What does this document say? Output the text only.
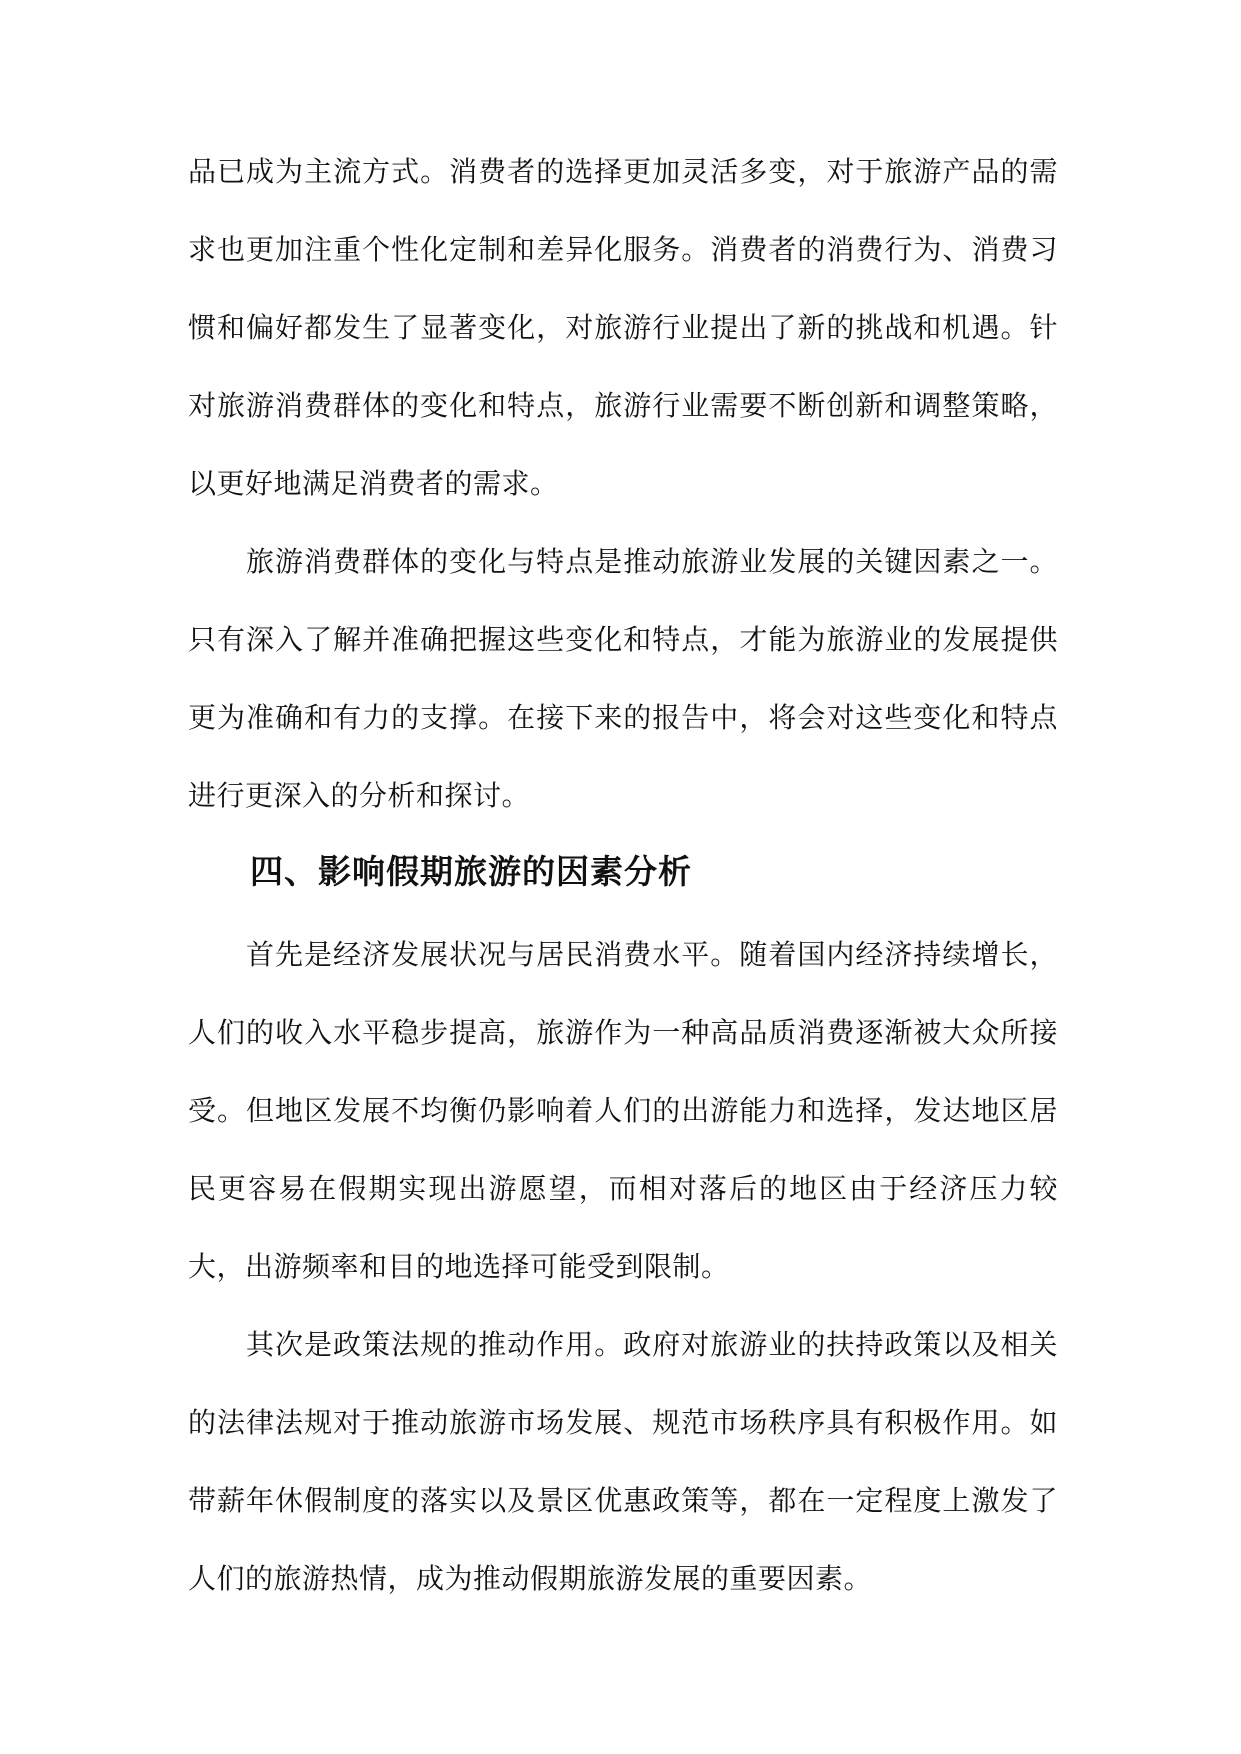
品已成为主流方式。消费者的选择更加灵活多变，对于旅游产品的需求也更加注重个性化定制和差异化服务。消费者的消费行为、消费习惯和偏好都发生了显著变化，对旅游行业提出了新的挑战和机遇。针对旅游消费群体的变化和特点，旅游行业需要不断创新和调整策略，以更好地满足消费者的需求。

旅游消费群体的变化与特点是推动旅游业发展的关键因素之一。只有深入了解并准确把握这些变化和特点，才能为旅游业的发展提供更为准确和有力的支撑。在接下来的报告中，将会对这些变化和特点进行更深入的分析和探讨。

四、影响假期旅游的因素分析

首先是经济发展状况与居民消费水平。随着国内经济持续增长，人们的收入水平稳步提高，旅游作为一种高品质消费逐渐被大众所接受。但地区发展不均衡仍影响着人们的出游能力和选择，发达地区居民更容易在假期实现出游愿望，而相对落后的地区由于经济压力较大，出游频率和目的地选择可能受到限制。

其次是政策法规的推动作用。政府对旅游业的扶持政策以及相关的法律法规对于推动旅游市场发展、规范市场秩序具有积极作用。如带薪年休假制度的落实以及景区优惠政策等，都在一定程度上激发了人们的旅游热情，成为推动假期旅游发展的重要因素。
